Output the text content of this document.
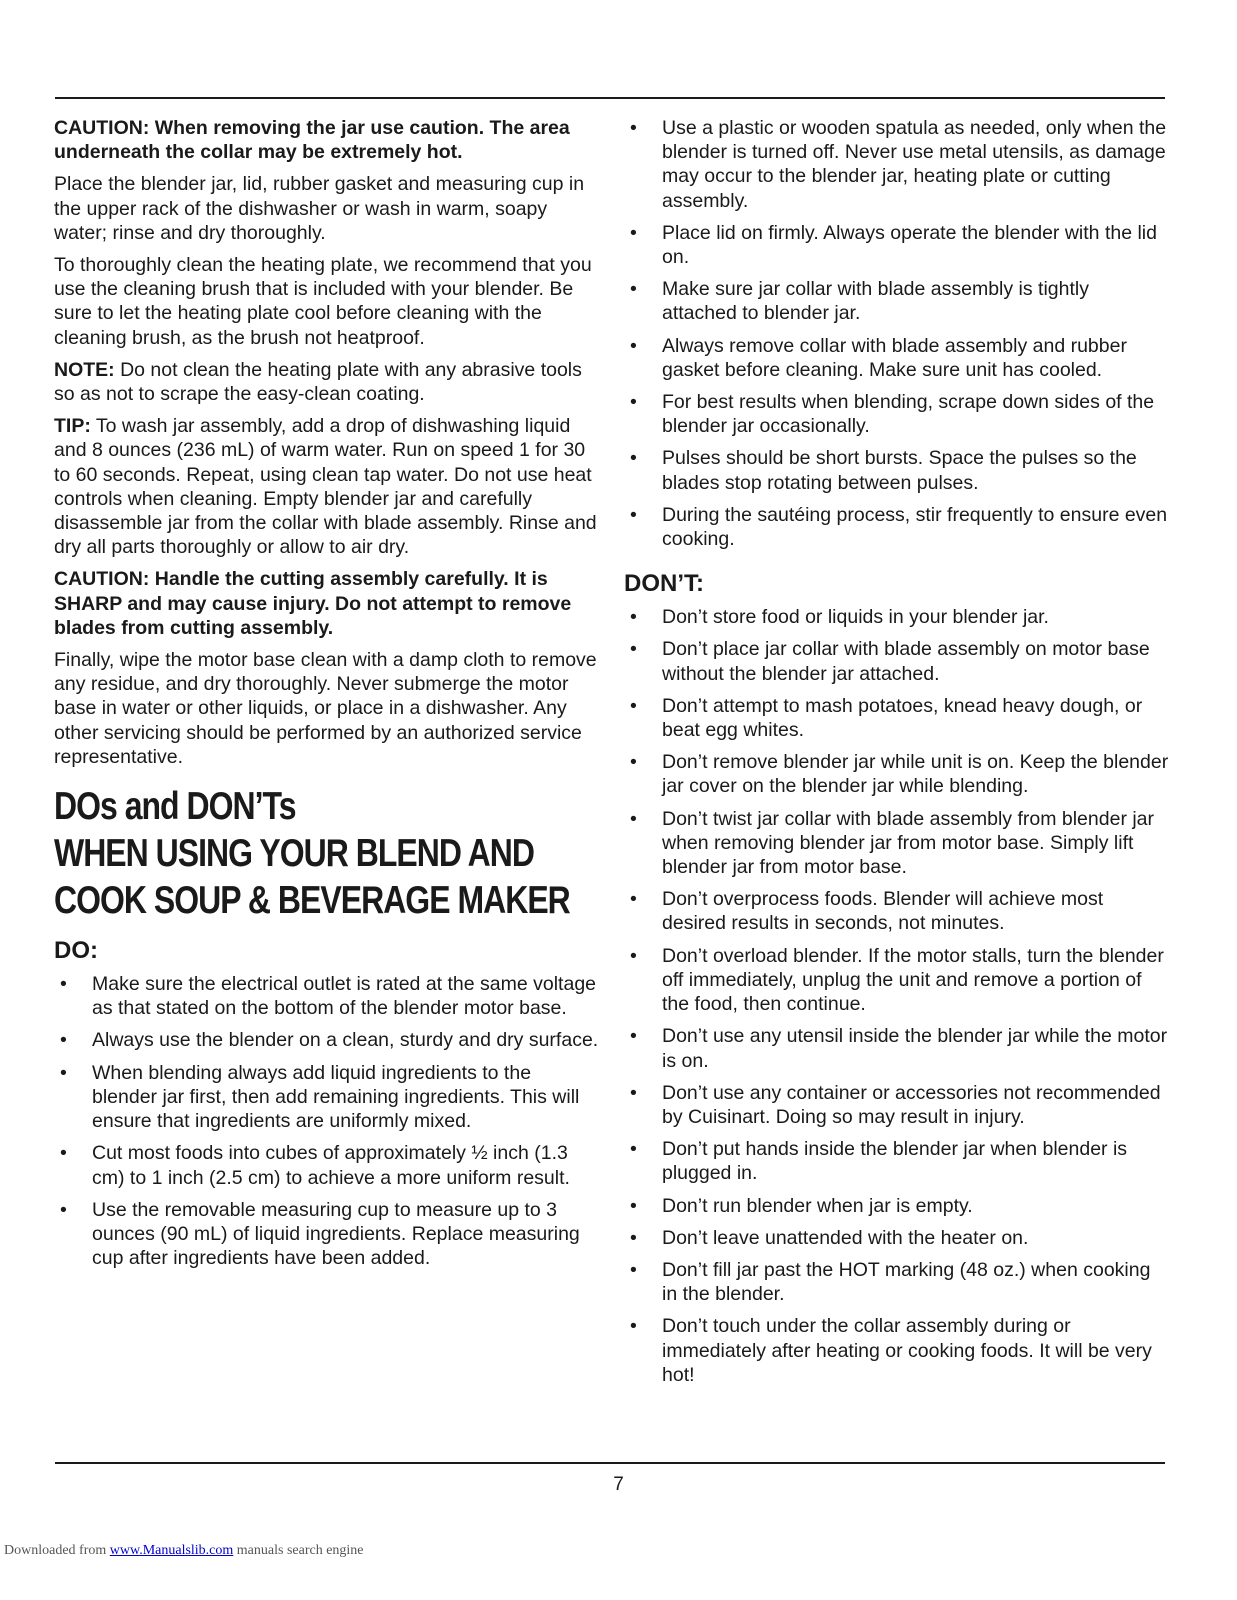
CAUTION: When removing the jar use caution. The area underneath the collar may be extremely hot.

Place the blender jar, lid, rubber gasket and measuring cup in the upper rack of the dishwasher or wash in warm, soapy water; rinse and dry thoroughly.

To thoroughly clean the heating plate, we recommend that you use the cleaning brush that is included with your blender. Be sure to let the heating plate cool before cleaning with the cleaning brush, as the brush not heatproof.

NOTE: Do not clean the heating plate with any abrasive tools so as not to scrape the easy-clean coating.

TIP: To wash jar assembly, add a drop of dishwashing liquid and 8 ounces (236 mL) of warm water. Run on speed 1 for 30 to 60 seconds. Repeat, using clean tap water. Do not use heat controls when cleaning. Empty blender jar and carefully disassemble jar from the collar with blade assembly. Rinse and dry all parts thoroughly or allow to air dry.

CAUTION: Handle the cutting assembly carefully. It is SHARP and may cause injury. Do not attempt to remove blades from cutting assembly.

Finally, wipe the motor base clean with a damp cloth to remove any residue, and dry thoroughly. Never submerge the motor base in water or other liquids, or place in a dishwasher. Any other servicing should be performed by an authorized service representative.

DOs and DON’Ts
WHEN USING YOUR BLEND AND
COOK SOUP & BEVERAGE MAKER
DO:
• Make sure the electrical outlet is rated at the same voltage as that stated on the bottom of the blender motor base.
• Always use the blender on a clean, sturdy and dry surface.
• When blending always add liquid ingredients to the blender jar first, then add remaining ingredients. This will ensure that ingredients are uniformly mixed.
• Cut most foods into cubes of approximately ½ inch (1.3 cm) to 1 inch (2.5 cm) to achieve a more uniform result.
• Use the removable measuring cup to measure up to 3 ounces (90 mL) of liquid ingredients. Replace measuring cup after ingredients have been added.
• Use a plastic or wooden spatula as needed, only when the blender is turned off. Never use metal utensils, as damage may occur to the blender jar, heating plate or cutting assembly.
• Place lid on firmly. Always operate the blender with the lid on.
• Make sure jar collar with blade assembly is tightly attached to blender jar.
• Always remove collar with blade assembly and rubber gasket before cleaning. Make sure unit has cooled.
• For best results when blending, scrape down sides of the blender jar occasionally.
• Pulses should be short bursts. Space the pulses so the blades stop rotating between pulses.
• During the sautéing process, stir frequently to ensure even cooking.
DON’T:
• Don’t store food or liquids in your blender jar.
• Don’t place jar collar with blade assembly on motor base without the blender jar attached.
• Don’t attempt to mash potatoes, knead heavy dough, or beat egg whites.
• Don’t remove blender jar while unit is on. Keep the blender jar cover on the blender jar while blending.
• Don’t twist jar collar with blade assembly from blender jar when removing blender jar from motor base. Simply lift blender jar from motor base.
• Don’t overprocess foods. Blender will achieve most desired results in seconds, not minutes.
• Don’t overload blender. If the motor stalls, turn the blender off immediately, unplug the unit and remove a portion of the food, then continue.
• Don’t use any utensil inside the blender jar while the motor is on.
• Don’t use any container or accessories not recommended by Cuisinart. Doing so may result in injury.
• Don’t put hands inside the blender jar when blender is plugged in.
• Don’t run blender when jar is empty.
• Don’t leave unattended with the heater on.
• Don’t fill jar past the HOT marking (48 oz.) when cooking in the blender.
• Don’t touch under the collar assembly during or immediately after heating or cooking foods. It will be very hot!
7
Downloaded from www.Manualslib.com manuals search engine
